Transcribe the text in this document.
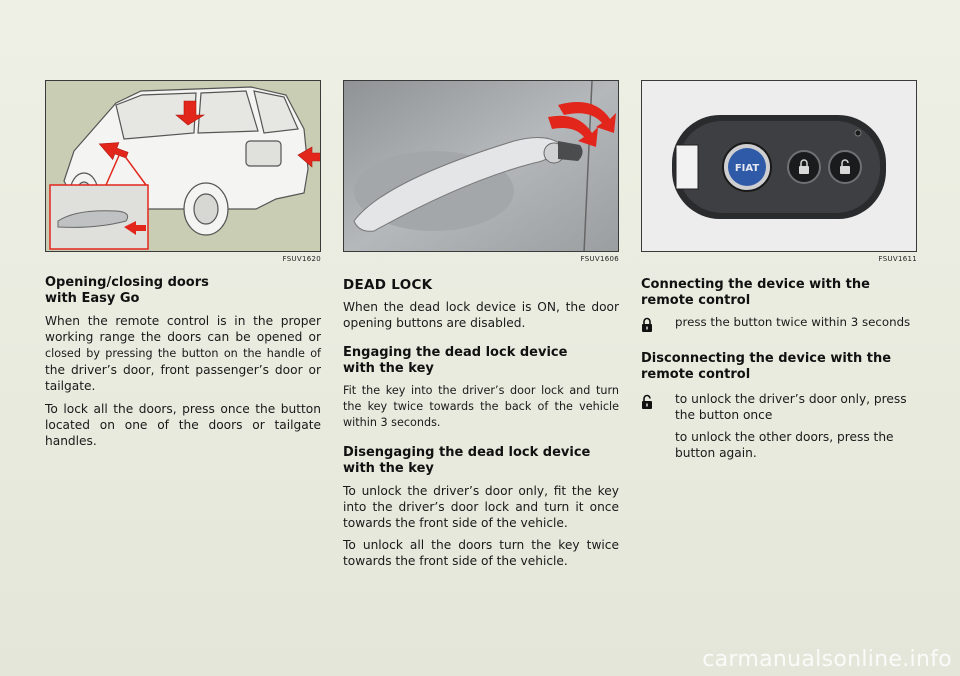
FSUV1620
Opening/closing doors
with Easy Go
When the remote control is in the proper working range the doors can be opened or closed by pressing the button on the handle of the driver’s door, front passenger’s door or tailgate.
To lock all the doors, press once the button located on one of the doors or tailgate handles.
FSUV1606
DEAD LOCK
When the dead lock device is ON, the door opening buttons are disabled.
Engaging the dead lock device
with the key
Fit the key into the driver’s door lock and turn the key twice towards the back of the vehicle within 3 seconds.
Disengaging the dead lock device
with the key
To unlock the driver’s door only, fit the key into the driver’s door lock and turn it once towards the front side of the vehicle.
To unlock all the doors turn the key twice towards the front side of the vehicle.
FIAT
FSUV1611
Connecting the device with the
remote control
press the button twice within 3 seconds
Disconnecting the device with the
remote control
to unlock the driver’s door only, press the button once
to unlock the other doors, press the button again.
carmanualsonline.info
